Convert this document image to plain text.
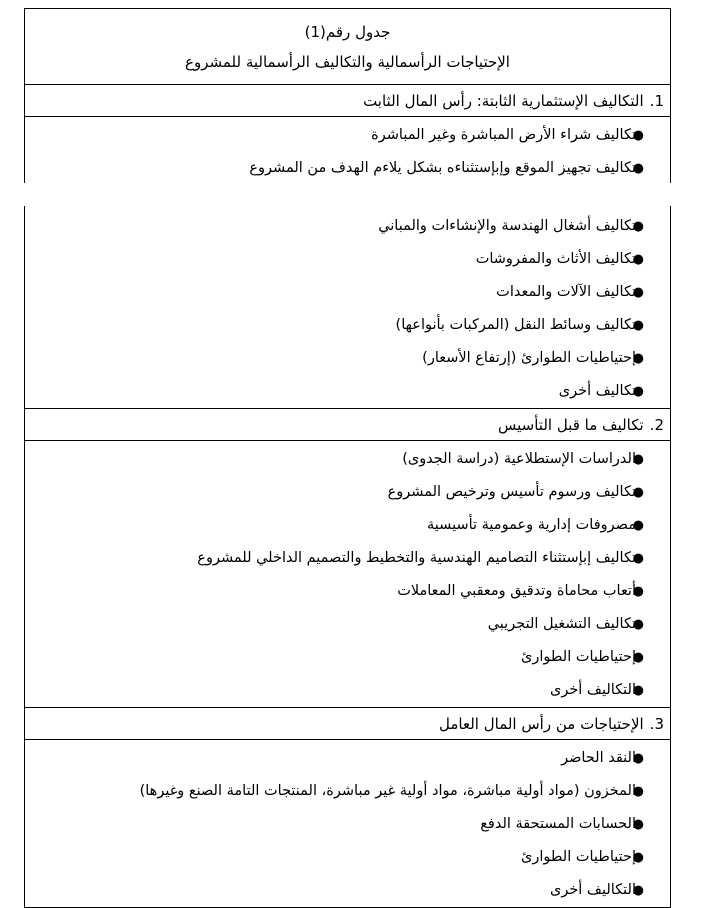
جدول رقم(1)
الإحتياجات الرأسمالية والتكاليف الرأسمالية للمشروع
1.التكاليف الإستثمارية الثابتة: رأس المال الثابت
●
تكاليف شراء الأرض المباشرة وغير المباشرة
●
تكاليف تجهيز الموقع وإبإستثناءه بشكل يلاءم الهدف من المشروع
●
تكاليف أشغال الهندسة والإنشاءات والمباني
●
تكاليف الأثاث والمفروشات
●
تكاليف الآلات والمعدات
●
تكاليف وسائط النقل (المركبات بأنواعها)
●
إحتياطيات الطوارئ (إرتفاع الأسعار)
●
تكاليف أخرى
2.تكاليف ما قبل التأسيس
●
الدراسات الإستطلاعية (دراسة الجدوى)
●
تكاليف ورسوم تأسيس وترخيص المشروع
●
مصروفات إدارية وعمومية تأسيسية
●
تكاليف إبإستثناء التصاميم الهندسية والتخطيط والتصميم الداخلي للمشروع
●
أتعاب محاماة وتدقيق ومعقبي المعاملات
●
تكاليف التشغيل التجريبي
●
إحتياطيات الطوارئ
●
التكاليف أخرى
3.الإحتياجات من رأس المال العامل
●
النقد الحاضر
●
المخزون (مواد أولية مباشرة، مواد أولية غير مباشرة، المنتجات التامة الصنع وغيرها)
●
الحسابات المستحقة الدفع
●
إحتياطيات الطوارئ
●
التكاليف أخرى
